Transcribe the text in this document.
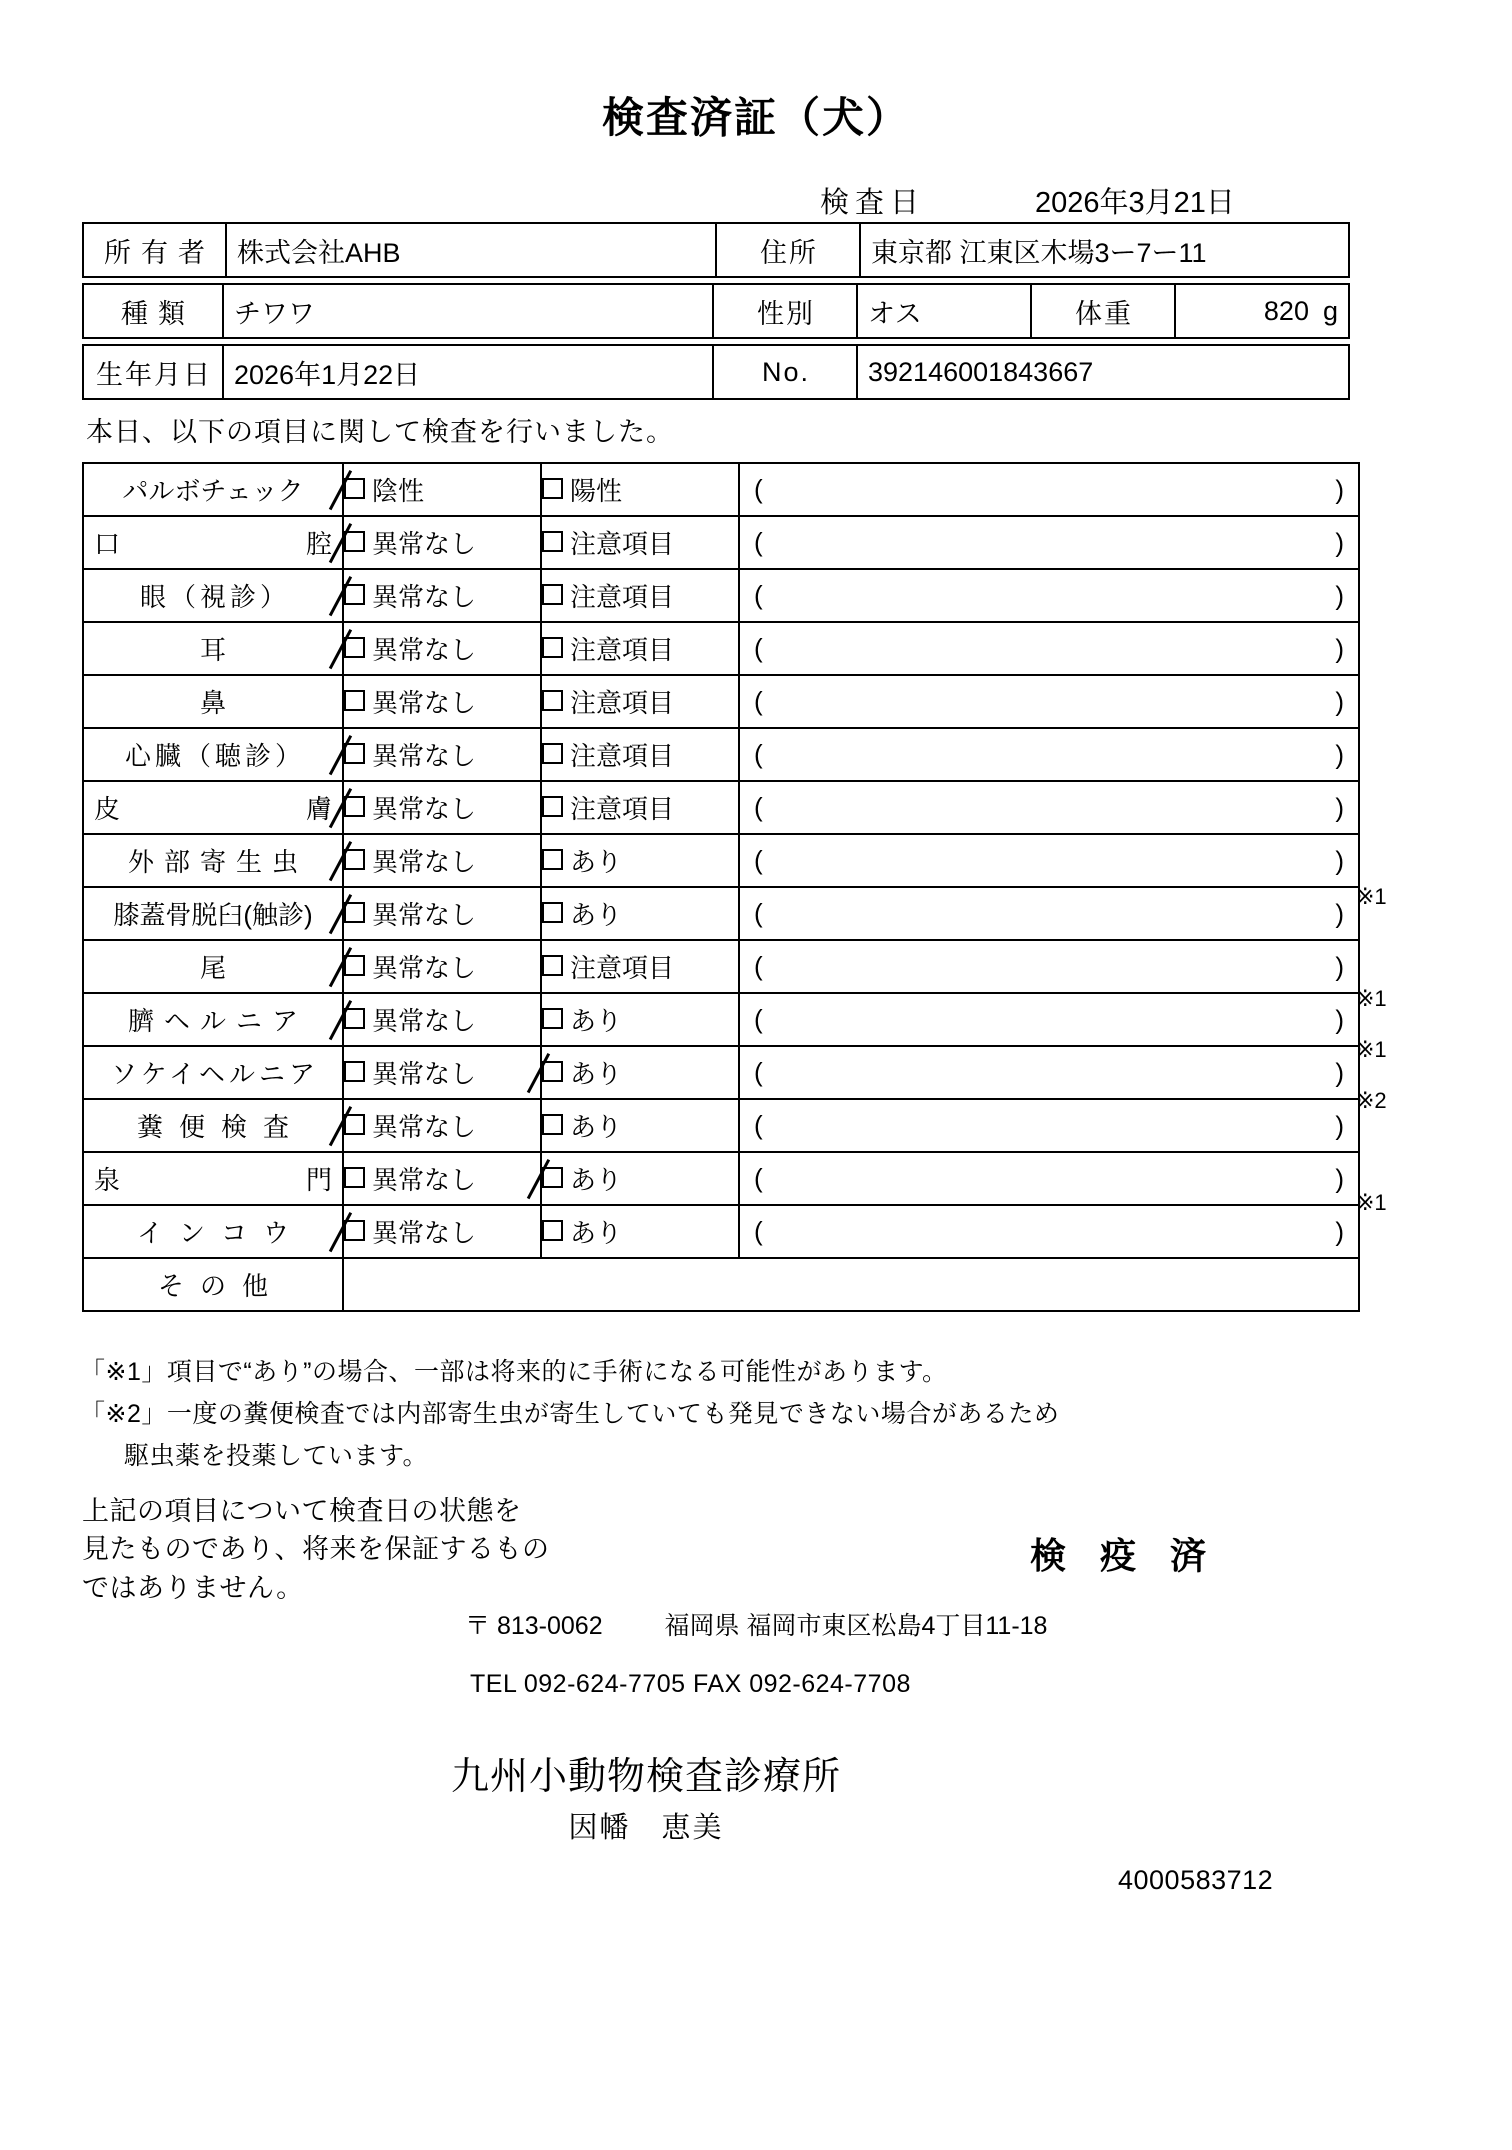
検査済証（犬）
検査日	2026年3月21日
所有者	株式会社AHB	住所	東京都 江東区木場3ー7ー11
種類	チワワ	性別	オス	体重	820 g
生年月日	2026年1月22日	No.	392146001843667
本日、以下の項目に関して検査を行いました。
パルボチェック	陰性	陽性	( )

口 腔	異常なし	注意項目	( )

眼（視診）	異常なし	注意項目	( )

耳	異常なし	注意項目	( )

鼻	異常なし	注意項目	( )

心臓（聴診）	異常なし	注意項目	( )

皮 膚	異常なし	注意項目	( )

外部寄生虫	異常なし	あり	( )

膝蓋骨脱臼(触診)	異常なし	あり	( )

尾	異常なし	注意項目	( )

臍ヘルニア	異常なし	あり	( )

ソケイヘルニア	異常なし	あり	( )

糞便検査	異常なし	あり	( )

泉 門	異常なし	あり	( )

インコウ	異常なし	あり	( )

その他			

「※1」項目で“あり”の場合、一部は将来的に手術になる可能性があります。
「※2」一度の糞便検査では内部寄生虫が寄生していても発見できない場合があるため
駆虫薬を投薬しています。
上記の項目について検査日の状態を
見たものであり、将来を保証するもの
ではありません。
検 疫 済
〒 813-0062 福岡県 福岡市東区松島4丁目11-18
TEL 092-624-7705 FAX 092-624-7708
九州小動物検査診療所
因幡　恵美
4000583712
※1
※1
※1
※2
※1
